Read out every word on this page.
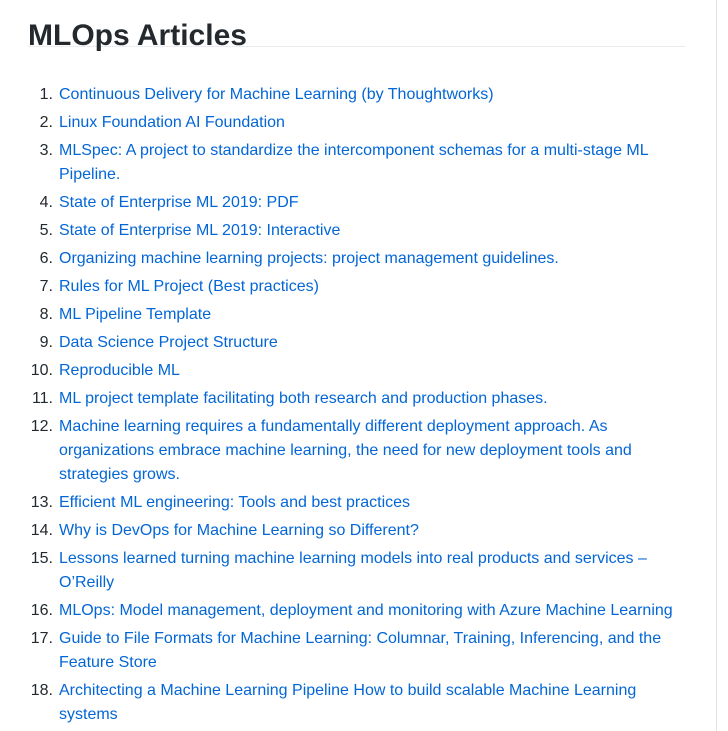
MLOps Articles
1. Continuous Delivery for Machine Learning (by Thoughtworks)
2. Linux Foundation AI Foundation
3. MLSpec: A project to standardize the intercomponent schemas for a multi-stage ML Pipeline.
4. State of Enterprise ML 2019: PDF
5. State of Enterprise ML 2019: Interactive
6. Organizing machine learning projects: project management guidelines.
7. Rules for ML Project (Best practices)
8. ML Pipeline Template
9. Data Science Project Structure
10. Reproducible ML
11. ML project template facilitating both research and production phases.
12. Machine learning requires a fundamentally different deployment approach. As organizations embrace machine learning, the need for new deployment tools and strategies grows.
13. Efficient ML engineering: Tools and best practices
14. Why is DevOps for Machine Learning so Different?
15. Lessons learned turning machine learning models into real products and services – O’Reilly
16. MLOps: Model management, deployment and monitoring with Azure Machine Learning
17. Guide to File Formats for Machine Learning: Columnar, Training, Inferencing, and the Feature Store
18. Architecting a Machine Learning Pipeline How to build scalable Machine Learning systems
